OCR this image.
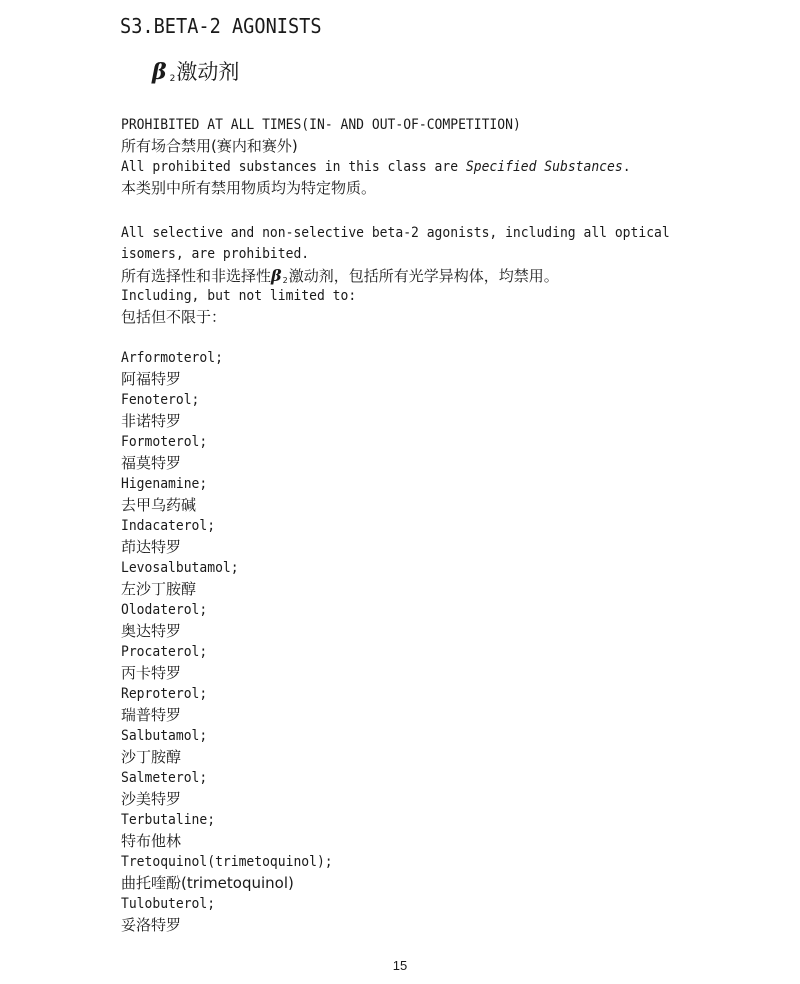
S3.BETA-2 AGONISTS
β 2 激动剂
PROHIBITED AT ALL TIMES(IN- AND OUT-OF-COMPETITION)
所有场合禁用(赛内和赛外)
All prohibited substances in this class are Specified Substances.
本类别中所有禁用物质均为特定物质。
All selective and non-selective beta-2 agonists, including all optical
isomers, are prohibited.
所有选择性和非选择性β2激动剂，包括所有光学异构体，均禁用。
Including, but not limited to:
包括但不限于：
Arformoterol;
阿福特罗
Fenoterol;
非诺特罗
Formoterol;
福莫特罗
Higenamine;
去甲乌药碱
Indacaterol;
茚达特罗
Levosalbutamol;
左沙丁胺醇
Olodaterol;
奥达特罗
Procaterol;
丙卡特罗
Reproterol;
瑞普特罗
Salbutamol;
沙丁胺醇
Salmeterol;
沙美特罗
Terbutaline;
特布他林
Tretoquinol(trimetoquinol);
曲托喹酚(trimetoquinol)
Tulobuterol;
妥洛特罗
15
